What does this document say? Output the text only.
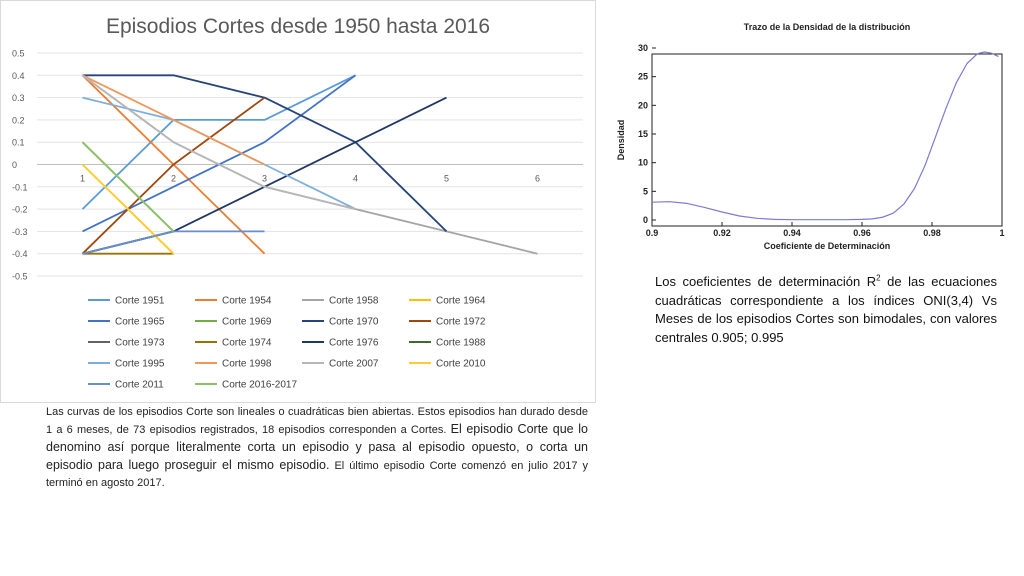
Episodios Cortes desde 1950 hasta 2016
0.5
0.4
0.3
0.2
0.1
0
-0.1
-0.2
-0.3
-0.4
-0.5
1	2	3	4	5	6
Corte 1951	Corte 1954	Corte 1958	Corte 1964
Corte 1965	Corte 1969	Corte 1970	Corte 1972
Corte 1973	Corte 1974	Corte 1976	Corte 1988
Corte 1995	Corte 1998	Corte 2007	Corte 2010
Corte 2011	Corte 2016-2017
Trazo de la Densidad de la distribución
0
5
10
15
20
25
30
0.9	0.92	0.94	0.96	0.98	1
Coeficiente de Determinación
Densidad
Las curvas de los episodios Corte son lineales o cuadráticas bien abiertas. Estos episodios han durado desde 1 a 6 meses, de 73 episodios registrados, 18 episodios corresponden a Cortes. El episodio Corte que lo denomino así porque literalmente corta un episodio y pasa al episodio opuesto, o corta un episodio para luego proseguir el mismo episodio. El último episodio Corte comenzó en julio 2017 y terminó en agosto 2017.
Los coeficientes de determinación $R^2$ de las ecuaciones cuadráticas correspondiente a los índices ONI(3,4) Vs Meses de los episodios Cortes son bimodales, con valores centrales 0.905; 0.995
